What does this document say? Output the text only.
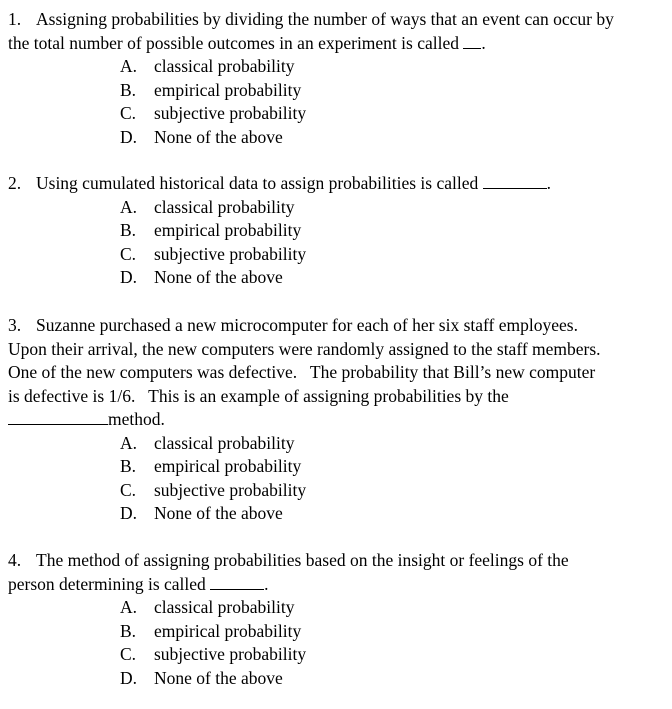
1. Assigning probabilities by dividing the number of ways that an event can occur by

the total number of possible outcomes in an experiment is called .

A. classical probability
B. empirical probability
C. subjective probability
D. None of the above

2. Using cumulated historical data to assign probabilities is called	.

A. classical probability
B. empirical probability
C. subjective probability
D. None of the above

3. Suzanne purchased a new microcomputer for each of her six staff employees.

Upon their arrival, the new computers were randomly assigned to the staff members.

One of the new computers was defective.   The probability that Bill’s new computer

is defective is 1/6.   This is an example of assigning probabilities by the

method.

A. classical probability
B. empirical probability
C. subjective probability
D. None of the above

4. The method of assigning probabilities based on the insight or feelings of the

person determining is called	.

A. classical probability
B. empirical probability
C. subjective probability
D. None of the above
